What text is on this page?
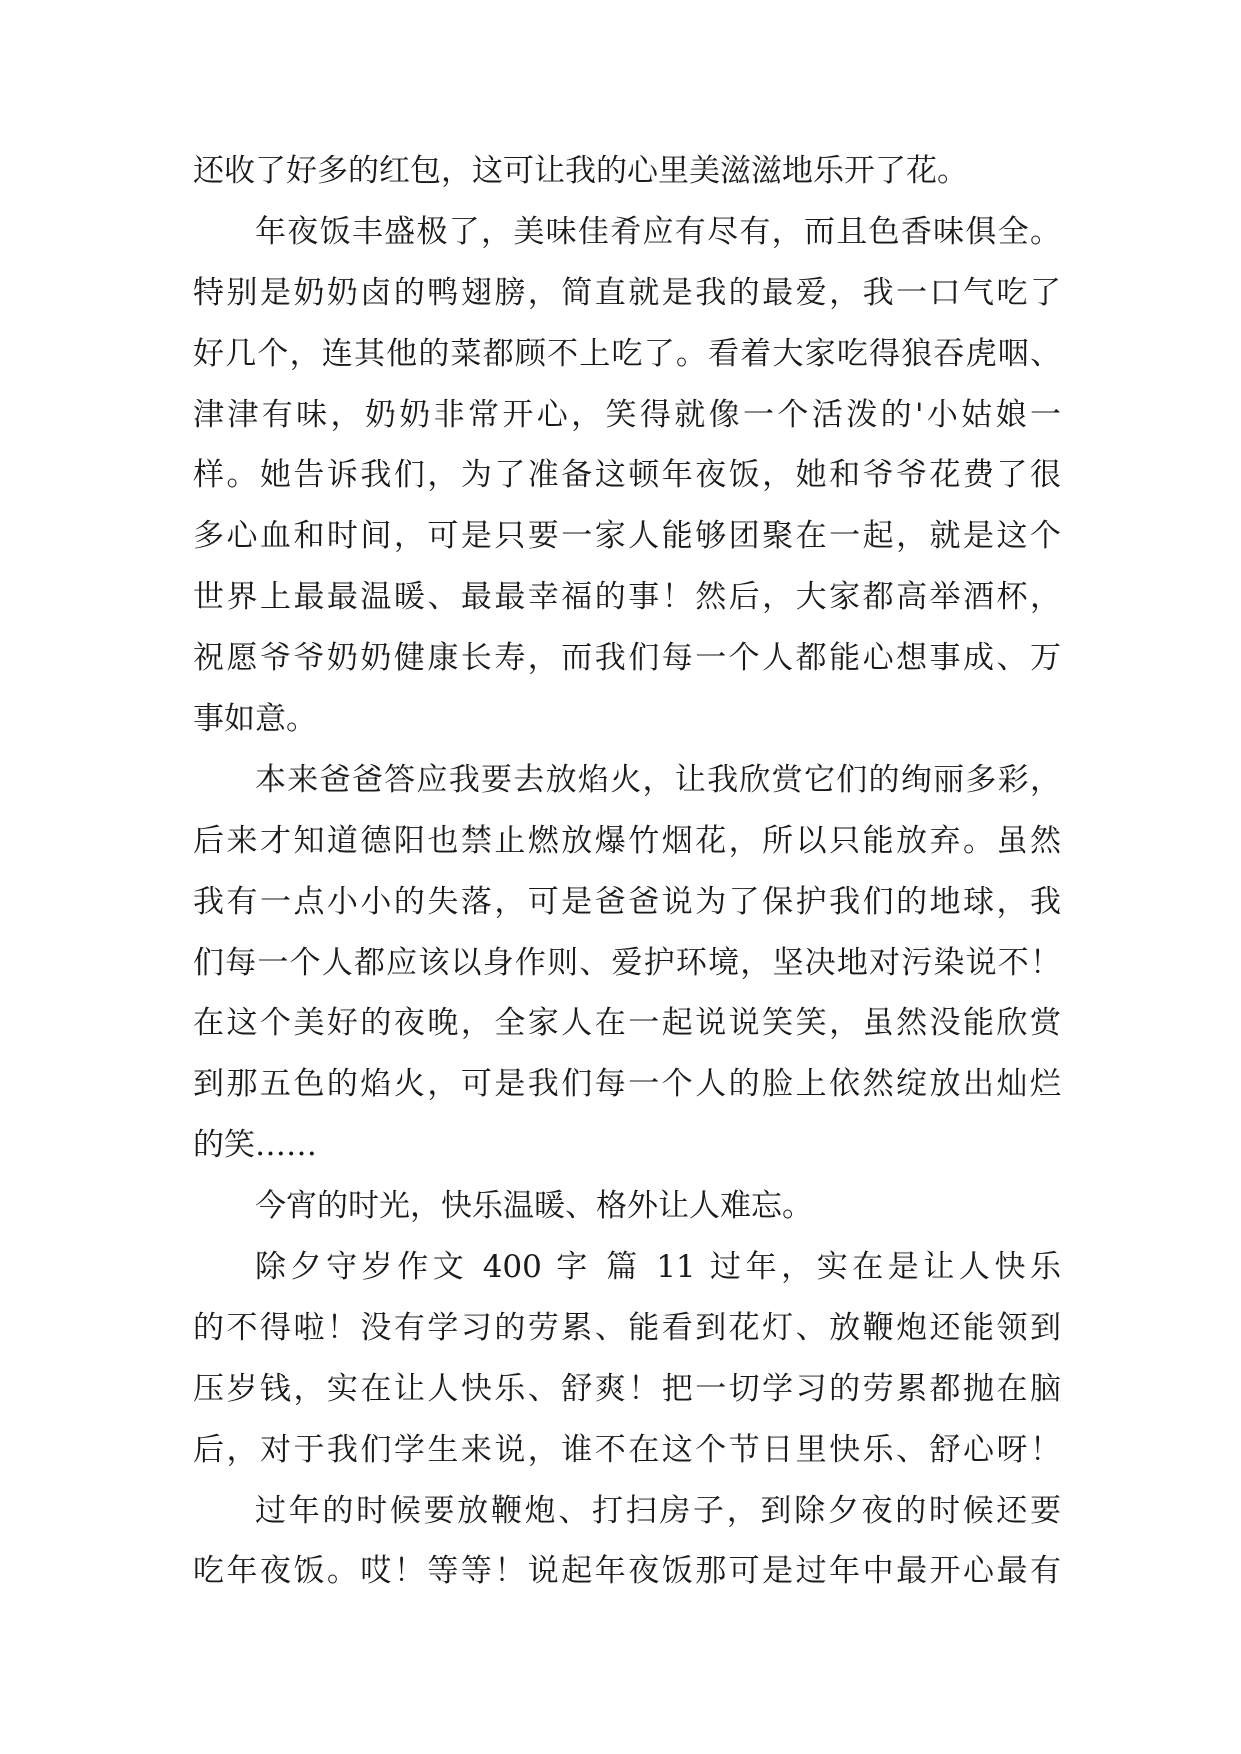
还收了好多的红包，这可让我的心里美滋滋地乐开了花。
年夜饭丰盛极了，美味佳肴应有尽有，而且色香味俱全。
特别是奶奶卤的鸭翅膀，简直就是我的最爱，我一口气吃了
好几个，连其他的菜都顾不上吃了。看着大家吃得狼吞虎咽、
津津有味，奶奶非常开心，笑得就像一个活泼的'小姑娘一
样。她告诉我们，为了准备这顿年夜饭，她和爷爷花费了很
多心血和时间，可是只要一家人能够团聚在一起，就是这个
世界上最最温暖、最最幸福的事！然后，大家都高举酒杯，
祝愿爷爷奶奶健康长寿，而我们每一个人都能心想事成、万
事如意。
本来爸爸答应我要去放焰火，让我欣赏它们的绚丽多彩，
后来才知道德阳也禁止燃放爆竹烟花，所以只能放弃。虽然
我有一点小小的失落，可是爸爸说为了保护我们的地球，我
们每一个人都应该以身作则、爱护环境，坚决地对污染说不！
在这个美好的夜晚，全家人在一起说说笑笑，虽然没能欣赏
到那五色的焰火，可是我们每一个人的脸上依然绽放出灿烂
的笑……
今宵的时光，快乐温暖、格外让人难忘。
除夕守岁作文 400 字 篇 11 过年，实在是让人快乐
的不得啦！没有学习的劳累、能看到花灯、放鞭炮还能领到
压岁钱，实在让人快乐、舒爽！把一切学习的劳累都抛在脑
后，对于我们学生来说，谁不在这个节日里快乐、舒心呀！
过年的时候要放鞭炮、打扫房子，到除夕夜的时候还要
吃年夜饭。哎！等等！说起年夜饭那可是过年中最开心最有
